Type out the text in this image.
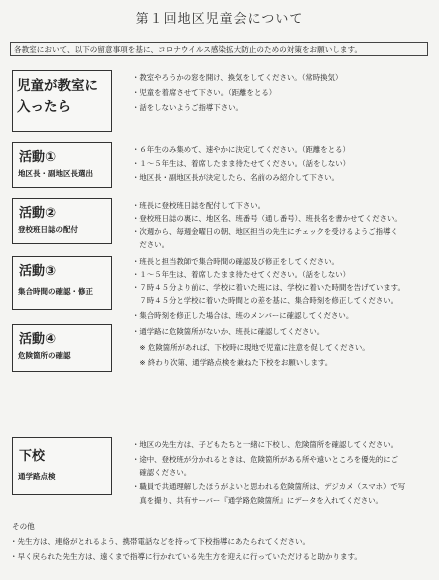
第１回地区児童会について
各教室において、以下の留意事項を基に、コロナウイルス感染拡大防止のための対策をお願いします。
児童が教室に入ったら
・教室やろうかの窓を開け、換気をしてください。（常時換気）
・児童を着席させて下さい。（距離をとる）
・話をしないようご指導下さい。
活動①
地区長・副地区長選出
・６年生のみ集めて、速やかに決定してください。（距離をとる）
・１〜５年生は、着席したまま待たせてください。（話をしない）
・地区長・副地区長が決定したら、名前のみ紹介して下さい。
活動②
登校班日誌の配付
・班長に登校班日誌を配付して下さい。
・登校班日誌の裏に、地区名、班番号（通し番号）、班長名を書かせてください。
・次週から、毎週金曜日の朝、地区担当の先生にチェックを受けるようご指導く
　ださい。
活動③
集合時間の確認・修正
・班長と担当教師で集合時間の確認及び修正をしてください。
・１〜５年生は、着席したまま待たせてください。（話をしない）
・７時４５分より前に、学校に着いた班には、学校に着いた時間を告げています。
　７時４５分と学校に着いた時間との差を基に、集合時刻を修正してください。
活動④
危険箇所の確認
・集合時刻を修正した場合は、班のメンバーに確認してください。
・通学路に危険箇所がないか、班長に確認してください。
　※ 危険箇所があれば、下校時に現地で児童に注意を促してください。
　※ 終わり次第、通学路点検を兼ねた下校をお願いします。
下校
通学路点検
・地区の先生方は、子どもたちと一緒に下校し、危険箇所を確認してください。
・途中、登校班が分かれるときは、危険箇所がある所や遠いところを優先的にご
　確認ください。
・職員で共通理解したほうがよいと思われる危険箇所は、デジカメ（スマホ）で写
　真を撮り、共有サーバー『通学路危険箇所』にデータを入れてください。
その他
・先生方は、連絡がとれるよう、携帯電話などを持って下校指導にあたられてください。
・早く戻られた先生方は、遠くまで指導に行かれている先生方を迎えに行っていただけると助かります。
